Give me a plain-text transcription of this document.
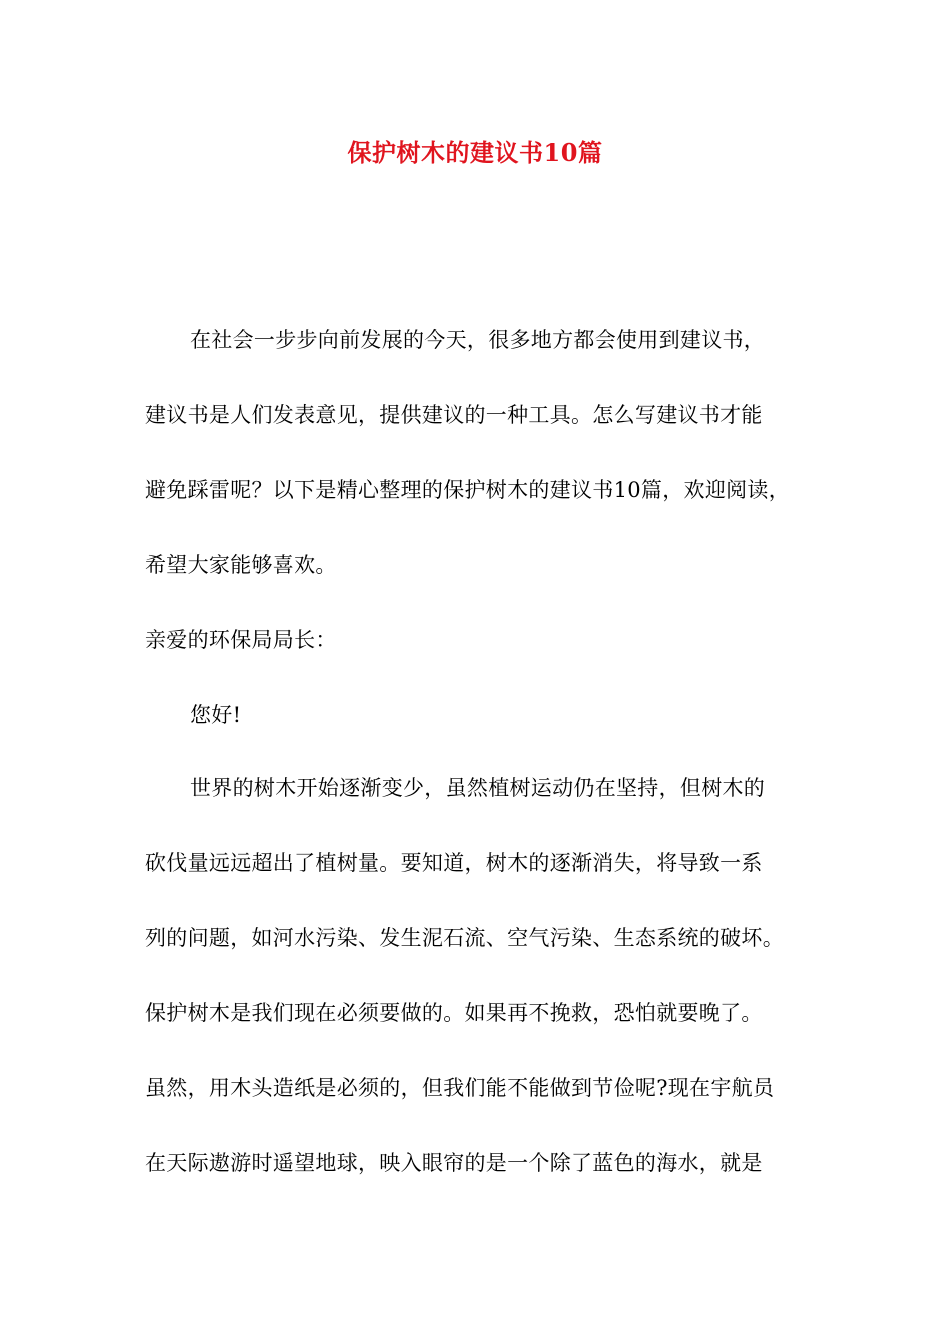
保护树木的建议书10篇
在社会一步步向前发展的今天，很多地方都会使用到建议书，
建议书是人们发表意见，提供建议的一种工具。怎么写建议书才能
避免踩雷呢？以下是精心整理的保护树木的建议书10篇，欢迎阅读，
希望大家能够喜欢。
亲爱的环保局局长：
您好!
世界的树木开始逐渐变少，虽然植树运动仍在坚持，但树木的
砍伐量远远超出了植树量。要知道，树木的逐渐消失，将导致一系
列的问题，如河水污染、发生泥石流、空气污染、生态系统的破坏。
保护树木是我们现在必须要做的。如果再不挽救，恐怕就要晚了。
虽然，用木头造纸是必须的，但我们能不能做到节俭呢?现在宇航员
在天际遨游时遥望地球，映入眼帘的是一个除了蓝色的海水，就是
